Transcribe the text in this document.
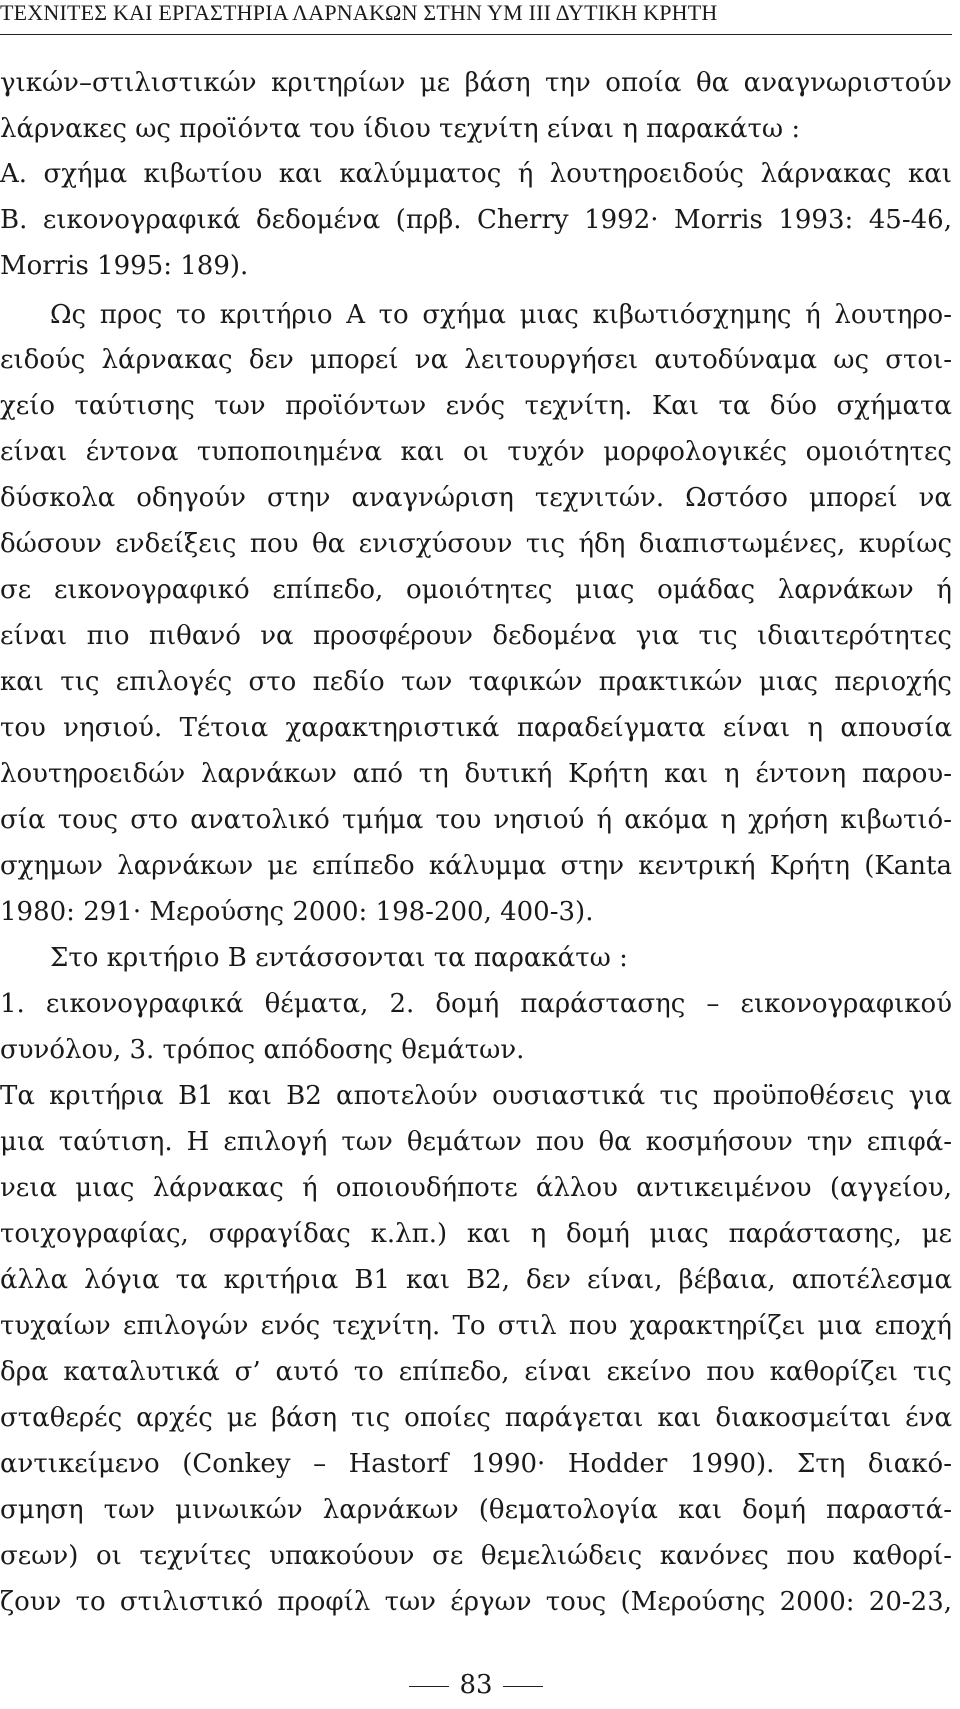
ΤΕΧΝΙΤΕΣ ΚΑΙ ΕΡΓΑΣΤΗΡΙΑ ΛΑΡΝΑΚΩΝ ΣΤΗΝ ΥΜ ΙΙΙ ΔΥΤΙΚΗ ΚΡΗΤΗ
γικών–στιλιστικών κριτηρίων με βάση την οποία θα αναγνωριστούν
λάρνακες ως προϊόντα του ίδιου τεχνίτη είναι η παρακάτω :
Α. σχήμα κιβωτίου και καλύμματος ή λουτηροειδούς λάρνακας και
Β. εικονογραφικά δεδομένα (πρβ. Cherry 1992· Morris 1993: 45-46,
Morris 1995: 189).
Ως προς το κριτήριο Α το σχήμα μιας κιβωτιόσχημης ή λουτηρο-
ειδούς λάρνακας δεν μπορεί να λειτουργήσει αυτοδύναμα ως στοι-
χείο ταύτισης των προϊόντων ενός τεχνίτη. Και τα δύο σχήματα
είναι έντονα τυποποιημένα και οι τυχόν μορφολογικές ομοιότητες
δύσκολα οδηγούν στην αναγνώριση τεχνιτών. Ωστόσο μπορεί να
δώσουν ενδείξεις που θα ενισχύσουν τις ήδη διαπιστωμένες, κυρίως
σε εικονογραφικό επίπεδο, ομοιότητες μιας ομάδας λαρνάκων ή
είναι πιο πιθανό να προσφέρουν δεδομένα για τις ιδιαιτερότητες
και τις επιλογές στο πεδίο των ταφικών πρακτικών μιας περιοχής
του νησιού. Τέτοια χαρακτηριστικά παραδείγματα είναι η απουσία
λουτηροειδών λαρνάκων από τη δυτική Κρήτη και η έντονη παρου-
σία τους στο ανατολικό τμήμα του νησιού ή ακόμα η χρήση κιβωτιό-
σχημων λαρνάκων με επίπεδο κάλυμμα στην κεντρική Κρήτη (Kanta
1980: 291· Μερούσης 2000: 198-200, 400-3).
Στο κριτήριο Β εντάσσονται τα παρακάτω :
1. εικονογραφικά θέματα, 2. δομή παράστασης – εικονογραφικού
συνόλου, 3. τρόπος απόδοσης θεμάτων.
Τα κριτήρια Β1 και Β2 αποτελούν ουσιαστικά τις προϋποθέσεις για
μια ταύτιση. Η επιλογή των θεμάτων που θα κοσμήσουν την επιφά-
νεια μιας λάρνακας ή οποιουδήποτε άλλου αντικειμένου (αγγείου,
τοιχογραφίας, σφραγίδας κ.λπ.) και η δομή μιας παράστασης, με
άλλα λόγια τα κριτήρια Β1 και Β2, δεν είναι, βέβαια, αποτέλεσμα
τυχαίων επιλογών ενός τεχνίτη. Το στιλ που χαρακτηρίζει μια εποχή
δρα καταλυτικά σ’ αυτό το επίπεδο, είναι εκείνο που καθορίζει τις
σταθερές αρχές με βάση τις οποίες παράγεται και διακοσμείται ένα
αντικείμενο (Conkey – Hastorf 1990· Hodder 1990). Στη διακό-
σμηση των μινωικών λαρνάκων (θεματολογία και δομή παραστά-
σεων) οι τεχνίτες υπακούουν σε θεμελιώδεις κανόνες που καθορί-
ζουν το στιλιστικό προφίλ των έργων τους (Μερούσης 2000: 20-23,
83
